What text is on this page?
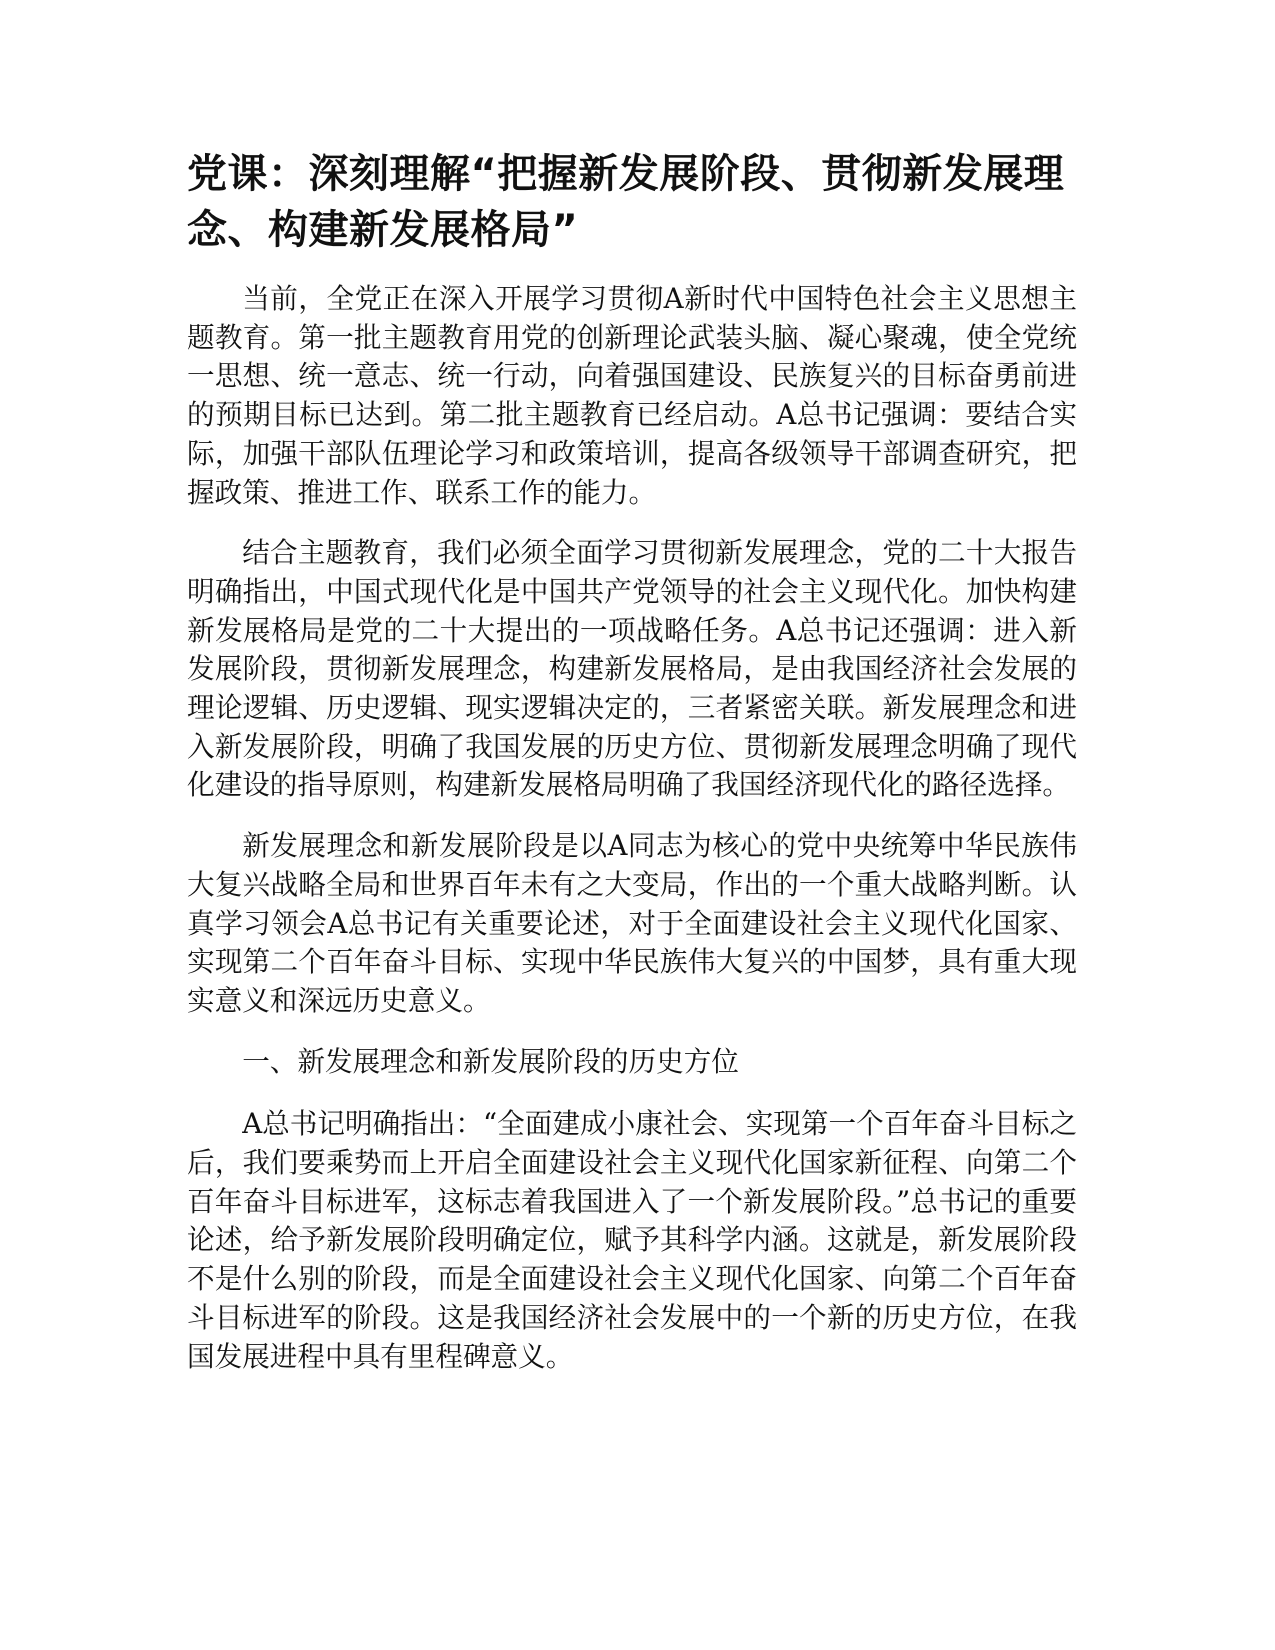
党课：深刻理解“把握新发展阶段、贯彻新发展理念、构建新发展格局”

当前，全党正在深入开展学习贯彻A新时代中国特色社会主义思想主题教育。第一批主题教育用党的创新理论武装头脑、凝心聚魂，使全党统一思想、统一意志、统一行动，向着强国建设、民族复兴的目标奋勇前进的预期目标已达到。第二批主题教育已经启动。A总书记强调：要结合实际，加强干部队伍理论学习和政策培训，提高各级领导干部调查研究，把握政策、推进工作、联系工作的能力。

结合主题教育，我们必须全面学习贯彻新发展理念，党的二十大报告明确指出，中国式现代化是中国共产党领导的社会主义现代化。加快构建新发展格局是党的二十大提出的一项战略任务。A总书记还强调：进入新发展阶段，贯彻新发展理念，构建新发展格局，是由我国经济社会发展的理论逻辑、历史逻辑、现实逻辑决定的，三者紧密关联。新发展理念和进入新发展阶段，明确了我国发展的历史方位、贯彻新发展理念明确了现代化建设的指导原则，构建新发展格局明确了我国经济现代化的路径选择。

新发展理念和新发展阶段是以A同志为核心的党中央统筹中华民族伟大复兴战略全局和世界百年未有之大变局，作出的一个重大战略判断。认真学习领会A总书记有关重要论述，对于全面建设社会主义现代化国家、实现第二个百年奋斗目标、实现中华民族伟大复兴的中国梦，具有重大现实意义和深远历史意义。

一、新发展理念和新发展阶段的历史方位

A总书记明确指出：“全面建成小康社会、实现第一个百年奋斗目标之后，我们要乘势而上开启全面建设社会主义现代化国家新征程、向第二个百年奋斗目标进军，这标志着我国进入了一个新发展阶段。”总书记的重要论述，给予新发展阶段明确定位，赋予其科学内涵。这就是，新发展阶段不是什么别的阶段，而是全面建设社会主义现代化国家、向第二个百年奋斗目标进军的阶段。这是我国经济社会发展中的一个新的历史方位，在我国发展进程中具有里程碑意义。
